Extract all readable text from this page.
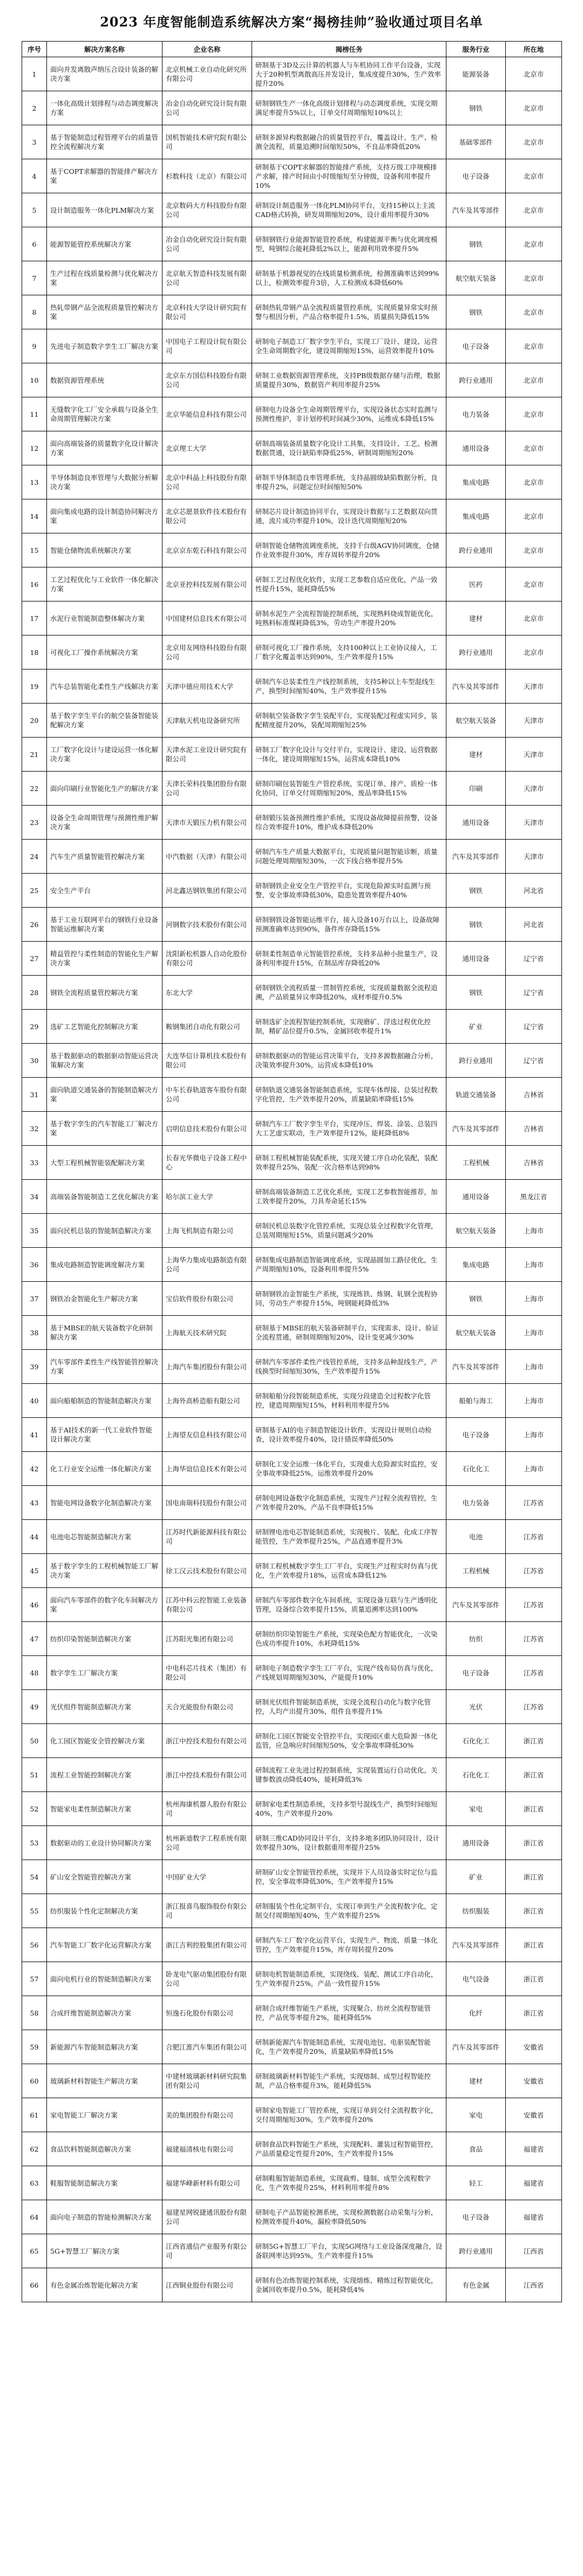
2023 年度智能制造系统解决方案“揭榜挂帅”验收通过项目名单
序号	解决方案名称	企业名称	揭榜任务	服务行业	所在地
1	面向并发离散声纳压合设计装备的解决方案	北京机械工业自动化研究所有限公司	研制基于3D及云计算的机器人与车机协同工作平台设备，实现大于20种机型离散高压并发设计，集成度提升30%，生产效率提升20%	能源装备	北京市
2	一体化高级计划排程与动态调度解决方案	冶金自动化研究设计院有限公司	研制钢铁生产一体化高级计划排程与动态调度系统，实现交期满足率提升5%以上，订单交付周期缩短10%以上	钢铁	北京市
3	基于智能制造过程管理平台的质量管控全流程解决方案	国机智能技术研究院有限公司	研制多源异构数据融合的质量管控平台，覆盖设计、生产、检测全流程，质量追溯时间缩短50%，不良品率降低20%	基础零部件	北京市
4	基于COPT求解器的智能排产解决方案	杉数科技（北京）有限公司	研制基于COPT求解器的智能排产系统，支持万级工序规模排产求解，排产时间由小时级缩短至分钟级，设备利用率提升10%	电子设备	北京市
5	设计制造服务一体化PLM解决方案	北京数码大方科技股份有限公司	研制设计制造服务一体化PLM协同平台，支持15种以上主流CAD格式转换，研发周期缩短20%，设计重用率提升30%	汽车及其零部件	北京市
6	能源智能管控系统解决方案	冶金自动化研究设计院有限公司	研制钢铁行业能源智能管控系统，构建能源平衡与优化调度模型，吨钢综合能耗降低2%以上，能源利用效率提升5%	钢铁	北京市
7	生产过程在线质量检测与优化解决方案	北京航天智造科技发展有限公司	研制基于机器视觉的在线质量检测系统，检测准确率达到99%以上，检测效率提升3倍，人工检测成本降低60%	航空航天装备	北京市
8	热轧带钢产品全流程质量管控解决方案	北京科技大学设计研究院有限公司	研制热轧带钢产品全流程质量管控系统，实现质量异常实时预警与根因分析，产品合格率提升1.5%，质量损失降低15%	钢铁	北京市
9	先进电子制造数字孪生工厂解决方案	中国电子工程设计院有限公司	研制电子制造工厂数字孪生平台，实现工厂设计、建设、运营全生命周期数字化，建设周期缩短15%，运营效率提升10%	电子设备	北京市
10	数据资源管理系统	北京东方国信科技股份有限公司	研制工业数据资源管理系统，支持PB级数据存储与治理，数据质量提升30%，数据资产利用率提升25%	跨行业通用	北京市
11	无缝数字化工厂安全承载与设备全生命周期管理解决方案	北京华能信息科技有限公司	研制电力设备全生命周期管理平台，实现设备状态实时监测与预测性维护，非计划停机时间减少30%，运维成本降低15%	电力装备	北京市
12	面向高端装备的质量数字化设计解决方案	北京理工大学	研制高端装备质量数字化设计工具集，支持设计、工艺、检测数据贯通，设计缺陷率降低25%，研制周期缩短20%	通用设备	北京市
13	半导体制造良率管理与大数据分析解决方案	北京中科晶上科技股份有限公司	研制半导体制造良率管理系统，支持晶圆级缺陷数据分析，良率提升2%，问题定位时间缩短50%	集成电路	北京市
14	面向集成电路的设计制造协同解决方案	北京芯愿景软件技术股份有限公司	研制芯片设计制造协同平台，实现设计数据与工艺数据双向贯通，流片成功率提升10%，设计迭代周期缩短20%	集成电路	北京市
15	智能仓储物流系统解决方案	北京京东乾石科技有限公司	研制智能仓储物流调度系统，支持千台级AGV协同调度，仓储作业效率提升30%，库存周转率提升20%	跨行业通用	北京市
16	工艺过程优化与工业软件一体化解决方案	北京亚控科技发展有限公司	研制工艺过程优化软件，实现工艺参数自适应优化，产品一致性提升15%，能耗降低5%	医药	北京市
17	水泥行业智能制造整体解决方案	中国建材信息技术有限公司	研制水泥生产全流程智能控制系统，实现熟料烧成智能优化，吨熟料标准煤耗降低3%，劳动生产率提升20%	建材	北京市
18	可视化工厂操作系统解决方案	北京用友网络科技股份有限公司	研制可视化工厂操作系统，支持100种以上工业协议接入，工厂数字化覆盖率达到90%，生产效率提升15%	跨行业通用	北京市
19	汽车总装智能化柔性生产线解决方案	天津中德应用技术大学	研制汽车总装柔性生产线控制系统，支持5种以上车型混线生产，换型时间缩短40%，生产效率提升15%	汽车及其零部件	天津市
20	基于数字孪生平台的航空装备智能装配解决方案	天津航天机电设备研究所	研制航空装备数字孪生装配平台，实现装配过程虚实同步，装配精度提升20%，装配周期缩短25%	航空航天装备	天津市
21	工厂数字化设计与建设运营一体化解决方案	天津水泥工业设计研究院有限公司	研制工厂数字化设计与交付平台，实现设计、建设、运营数据一体化，建设周期缩短15%，运营成本降低10%	建材	天津市
22	面向印刷行业智能化生产的解决方案	天津长荣科技集团股份有限公司	研制印刷包装智能生产管控系统，实现订单、排产、质检一体化协同，订单交付周期缩短20%，废品率降低15%	印刷	天津市
23	设备全生命周期管理与预测性维护解决方案	天津市天锻压力机有限公司	研制锻压装备预测性维护系统，实现设备故障提前预警，设备综合效率提升10%，维护成本降低20%	通用设备	天津市
24	汽车生产质量智能管控解决方案	中汽数据（天津）有限公司	研制汽车生产质量大数据平台，实现质量问题智能诊断，质量问题处理周期缩短30%，一次下线合格率提升5%	汽车及其零部件	天津市
25	安全生产平台	河北鑫达钢铁集团有限公司	研制钢铁企业安全生产管控平台，实现危险源实时监测与预警，安全事故率降低30%，隐患处置效率提升40%	钢铁	河北省
26	基于工业互联网平台的钢铁行业设备智能运维解决方案	河钢数字技术股份有限公司	研制钢铁设备智能运维平台，接入设备10万台以上，设备故障预测准确率达到90%，备件库存降低15%	钢铁	河北省
27	精益管控与柔性制造的智能化生产解决方案	沈阳新松机器人自动化股份有限公司	研制柔性制造单元智能管控系统，支持多品种小批量生产，设备利用率提升15%，在制品库存降低20%	通用设备	辽宁省
28	钢铁全流程质量管控解决方案	东北大学	研制钢铁全流程质量一贯制管控系统，实现质量数据全流程追溯，产品质量异议率降低20%，成材率提升0.5%	钢铁	辽宁省
29	选矿工艺智能化控制解决方案	鞍钢集团自动化有限公司	研制选矿全流程智能控制系统，实现磨矿、浮选过程优化控制，精矿品位提升0.5%，金属回收率提升1%	矿业	辽宁省
30	基于数据驱动的数据驱动智能运营决策解决方案	大连华信计算机技术股份有限公司	研制数据驱动的智能运营决策平台，支持多源数据融合分析，决策效率提升30%，运营成本降低10%	跨行业通用	辽宁省
31	面向轨道交通装备的智能制造解决方案	中车长春轨道客车股份有限公司	研制轨道交通装备智能制造系统，实现车体焊接、总装过程数字化管控，生产效率提升20%，质量缺陷率降低15%	轨道交通装备	吉林省
32	基于数字孪生的汽车智能工厂解决方案	启明信息技术股份有限公司	研制汽车工厂数字孪生平台，实现冲压、焊装、涂装、总装四大工艺虚实联动，生产效率提升12%，能耗降低8%	汽车及其零部件	吉林省
33	大型工程机械智能装配解决方案	长春光华微电子设备工程中心	研制工程机械智能装配系统，实现关键工序自动化装配，装配效率提升25%，装配一次合格率达到98%	工程机械	吉林省
34	高端装备智能制造工艺优化解决方案	哈尔滨工业大学	研制高端装备制造工艺优化系统，实现工艺参数智能推荐，加工效率提升20%，刀具寿命延长15%	通用设备	黑龙江省
35	面向民机总装的智能制造解决方案	上海飞机制造有限公司	研制民机总装数字化管控系统，实现总装全过程数字化管理，总装周期缩短15%，质量问题减少20%	航空航天装备	上海市
36	集成电路制造智能调度解决方案	上海华力集成电路制造有限公司	研制集成电路制造智能调度系统，实现晶圆加工路径优化，生产周期缩短10%，设备利用率提升5%	集成电路	上海市
37	钢铁冶金智能化生产解决方案	宝信软件股份有限公司	研制钢铁冶金智能生产系统，实现炼铁、炼钢、轧钢全流程协同，劳动生产率提升15%，吨钢能耗降低3%	钢铁	上海市
38	基于MBSE的航天装备数字化研制解决方案	上海航天技术研究院	研制基于MBSE的航天装备研制平台，实现需求、设计、验证全流程贯通，研制周期缩短20%，设计变更减少30%	航空航天装备	上海市
39	汽车零部件柔性生产线智能管控解决方案	上海汽车集团股份有限公司	研制汽车零部件柔性产线管控系统，支持多品种混线生产，产线换型时间缩短30%，生产效率提升15%	汽车及其零部件	上海市
40	面向船舶制造的智能制造解决方案	上海外高桥造船有限公司	研制船舶分段智能制造系统，实现分段建造全过程数字化管控，建造周期缩短15%，材料利用率提升5%	船舶与海工	上海市
41	基于AI技术的新一代工业软件智能设计解决方案	上海望友信息科技有限公司	研制基于AI的电子制造智能设计软件，实现设计规则自动检查，设计效率提升40%，设计错误率降低50%	电子设备	上海市
42	化工行业安全运维一体化解决方案	上海华谊信息技术有限公司	研制化工安全运维一体化平台，实现重大危险源实时监控，安全事故率降低25%，运维效率提升20%	石化化工	上海市
43	智能电网设备数字化制造解决方案	国电南瑞科技股份有限公司	研制电网设备数字化制造系统，实现生产过程全流程管控，生产效率提升20%，产品不良率降低15%	电力装备	江苏省
44	电池电芯智能制造解决方案	江苏时代新能源科技有限公司	研制锂电池电芯智能制造系统，实现极片、装配、化成工序智能管控，生产效率提升25%，产品直通率提升3%	电池	江苏省
45	基于数字孪生的工程机械智能工厂解决方案	徐工汉云技术股份有限公司	研制工程机械数字孪生工厂平台，实现生产过程实时仿真与优化，生产效率提升18%，运营成本降低12%	工程机械	江苏省
46	面向汽车零部件的数字化车间解决方案	江苏中科云控智能工业装备有限公司	研制汽车零部件数字化车间系统，实现设备互联与生产透明化管理，设备综合效率提升15%，质量追溯率达到100%	汽车及其零部件	江苏省
47	纺织印染智能制造解决方案	江苏阳光集团有限公司	研制纺织印染智能生产系统，实现染色配方智能优化，一次染色成功率提升10%，水耗降低15%	纺织	江苏省
48	数字孪生工厂解决方案	中电科芯片技术（集团）有限公司	研制电子制造数字孪生工厂平台，实现产线布局仿真与优化，产线规划周期缩短30%，产能提升10%	电子设备	江苏省
49	光伏组件智能制造解决方案	天合光能股份有限公司	研制光伏组件智能制造系统，实现全流程自动化与数字化管控，人均产出提升30%，组件良率提升1%	光伏	江苏省
50	化工园区智能安全管控解决方案	浙江中控技术股份有限公司	研制化工园区智能安全管控平台，实现园区重大危险源一体化监管，应急响应时间缩短50%，安全事故率降低30%	石化化工	浙江省
51	流程工业智能控制解决方案	浙江中控技术股份有限公司	研制流程工业先进过程控制系统，实现装置运行自动优化，关键参数波动降低40%，能耗降低3%	石化化工	浙江省
52	智能家电柔性制造解决方案	杭州海康机器人股份有限公司	研制家电柔性制造系统，支持多型号混线生产，换型时间缩短40%，生产效率提升20%	家电	浙江省
53	数据驱动的工业设计协同解决方案	杭州新迪数字工程系统有限公司	研制三维CAD协同设计平台，支持多地多团队协同设计，设计效率提升30%，设计数据重用率提升25%	通用设备	浙江省
54	矿山安全智能管控解决方案	中国矿业大学	研制矿山安全智能管控系统，实现井下人员设备实时定位与监控，安全事故率降低30%，生产效率提升15%	矿业	浙江省
55	纺织服装个性化定制解决方案	浙江报喜鸟服饰股份有限公司	研制服装个性化定制平台，实现订单到生产全流程数字化，定制交付周期缩短40%，生产效率提升25%	纺织服装	浙江省
56	汽车智能工厂数字化运营解决方案	浙江吉利控股集团有限公司	研制汽车工厂数字化运营平台，实现生产、物流、质量一体化管控，生产效率提升15%，库存周转提升20%	汽车及其零部件	浙江省
57	面向电机行业的智能制造解决方案	卧龙电气驱动集团股份有限公司	研制电机智能制造系统，实现绕线、装配、测试工序自动化，生产效率提升25%，产品一致性提升15%	电气设备	浙江省
58	合成纤维智能制造解决方案	恒逸石化股份有限公司	研制合成纤维智能生产系统，实现聚合、纺丝全流程智能管控，产品优等率提升2%，能耗降低5%	化纤	浙江省
59	新能源汽车智能制造解决方案	合肥江淮汽车集团有限公司	研制新能源汽车智能制造系统，实现电池包、电驱装配智能化，生产效率提升20%，质量缺陷率降低15%	汽车及其零部件	安徽省
60	玻璃新材料智能生产解决方案	中建材玻璃新材料研究院集团有限公司	研制玻璃新材料智能生产系统，实现熔制、成型过程智能控制，产品合格率提升3%，能耗降低5%	建材	安徽省
61	家电智能工厂解决方案	美的集团股份有限公司	研制家电智能工厂管控系统，实现订单到交付全流程数字化，交付周期缩短30%，生产效率提升20%	家电	安徽省
62	食品饮料智能制造解决方案	福建福清核电有限公司	研制食品饮料智能生产系统，实现配料、灌装过程智能管控，产品质量稳定性提升20%，生产效率提升15%	食品	福建省
63	鞋服智能制造解决方案	福建华峰新材料有限公司	研制鞋服智能制造系统，实现裁剪、缝制、成型全流程数字化，生产效率提升25%，材料利用率提升8%	轻工	福建省
64	面向电子制造的智能检测解决方案	福建星网锐捷通讯股份有限公司	研制电子产品智能检测系统，实现检测数据自动采集与分析，检测效率提升40%，漏检率降低50%	电子设备	福建省
65	5G+智慧工厂解决方案	江西省通信产业服务有限公司	研制5G+智慧工厂平台，实现5G网络与工业设备深度融合，设备联网率达到95%，生产效率提升15%	跨行业通用	江西省
66	有色金属冶炼智能化解决方案	江西铜业股份有限公司	研制有色冶炼智能控制系统，实现熔炼、精炼过程智能优化，金属回收率提升0.5%，能耗降低4%	有色金属	江西省
